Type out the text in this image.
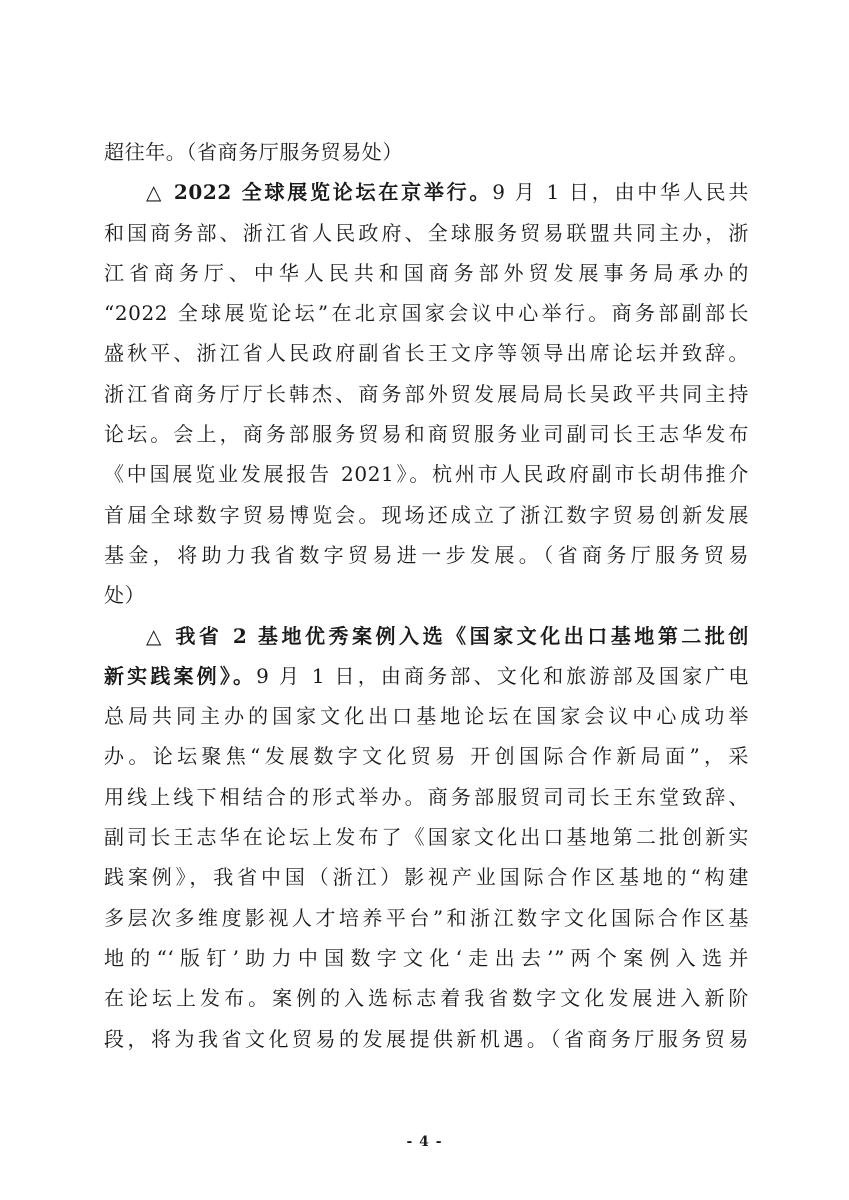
超往年。（省商务厅服务贸易处）
△ 2022 全球展览论坛在京举行。9 月 1 日，由中华人民共
和国商务部、浙江省人民政府、全球服务贸易联盟共同主办，浙
江省商务厅、中华人民共和国商务部外贸发展事务局承办的
“2022 全球展览论坛”在北京国家会议中心举行。商务部副部长
盛秋平、浙江省人民政府副省长王文序等领导出席论坛并致辞。
浙江省商务厅厅长韩杰、商务部外贸发展局局长吴政平共同主持
论坛。会上，商务部服务贸易和商贸服务业司副司长王志华发布
《中国展览业发展报告 2021》。杭州市人民政府副市长胡伟推介
首届全球数字贸易博览会。现场还成立了浙江数字贸易创新发展
基金，将助力我省数字贸易进一步发展。（省商务厅服务贸易
处）
△ 我省 2 基地优秀案例入选《国家文化出口基地第二批创
新实践案例》。9 月 1 日，由商务部、文化和旅游部及国家广电
总局共同主办的国家文化出口基地论坛在国家会议中心成功举
办。论坛聚焦“发展数字文化贸易 开创国际合作新局面”，采
用线上线下相结合的形式举办。商务部服贸司司长王东堂致辞、
副司长王志华在论坛上发布了《国家文化出口基地第二批创新实
践案例》，我省中国（浙江）影视产业国际合作区基地的“构建
多层次多维度影视人才培养平台”和浙江数字文化国际合作区基
地的“‘版钉’助力中国数字文化‘走出去’”两个案例入选并
在论坛上发布。案例的入选标志着我省数字文化发展进入新阶
段，将为我省文化贸易的发展提供新机遇。（省商务厅服务贸易
- 4 -
